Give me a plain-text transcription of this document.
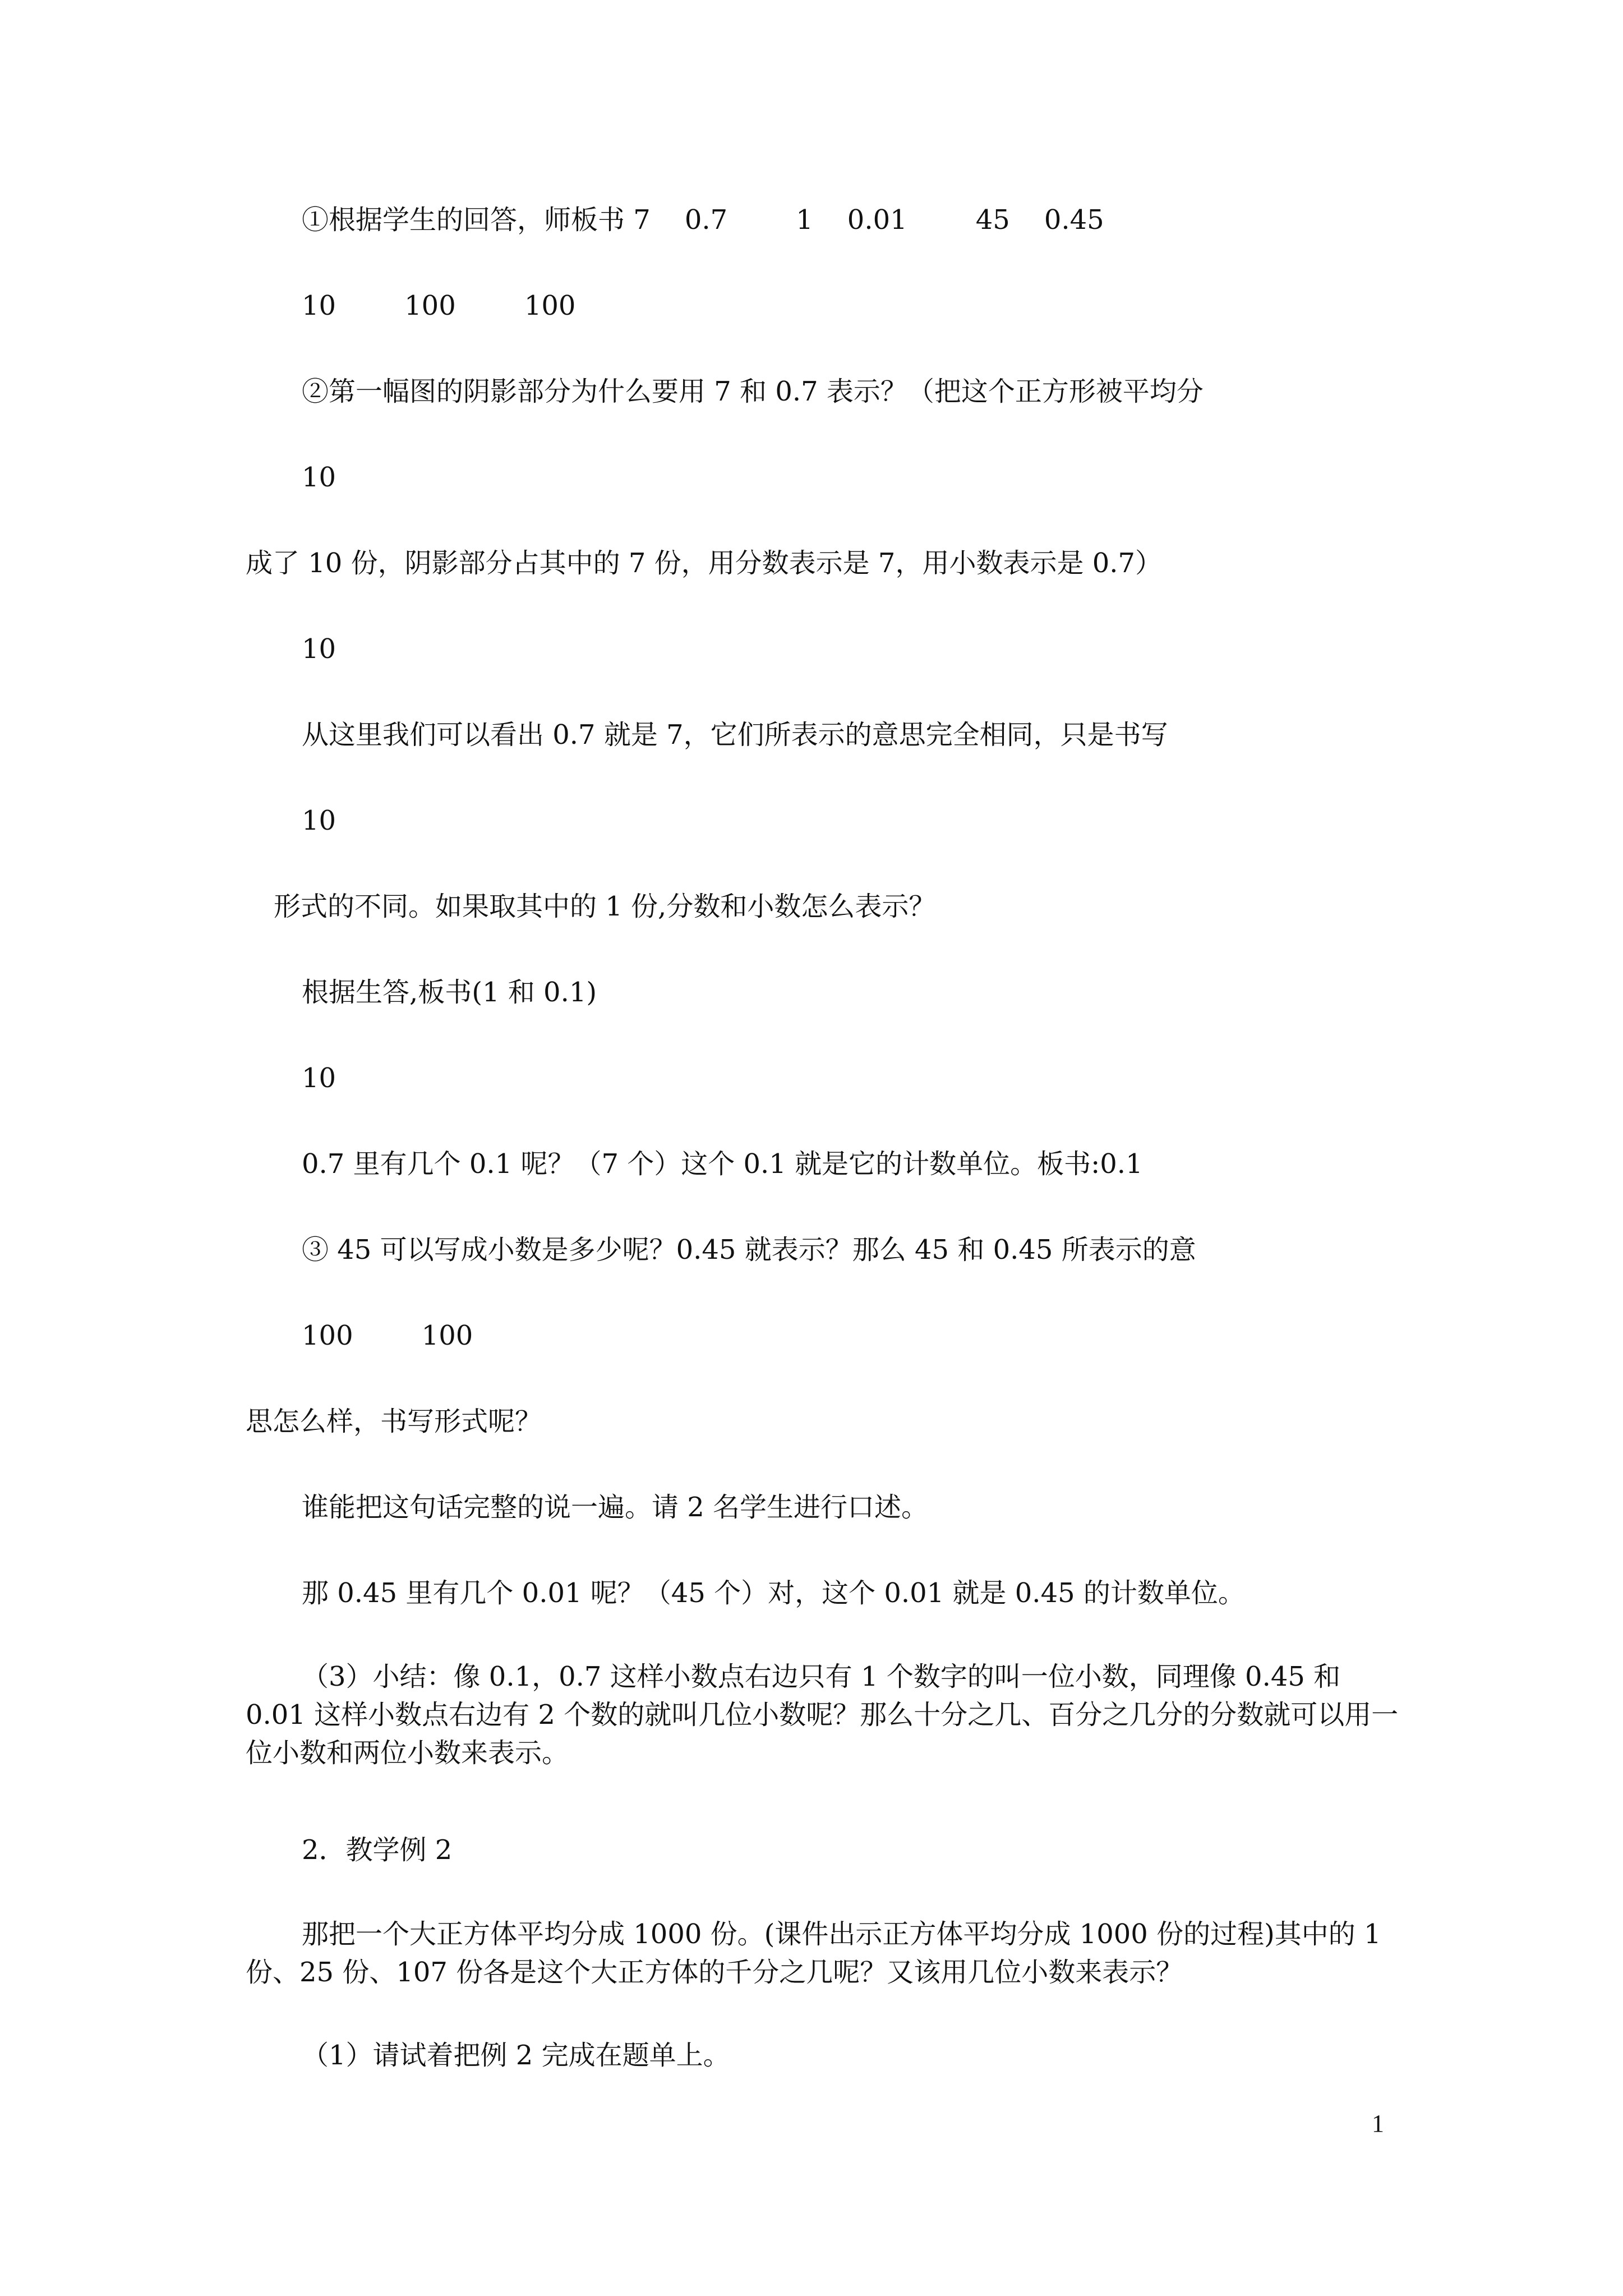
①根据学生的回答，师板书 7    0.7        1    0.01        45    0.45
10        100        100
②第一幅图的阴影部分为什么要用 7 和 0.7 表示？（把这个正方形被平均分
10
成了 10 份，阴影部分占其中的 7 份，用分数表示是 7，用小数表示是 0.7）
10
从这里我们可以看出 0.7 就是 7，它们所表示的意思完全相同，只是书写
10
形式的不同。如果取其中的 1 份,分数和小数怎么表示？
根据生答,板书(1 和 0.1)
10
0.7 里有几个 0.1 呢？（7 个）这个 0.1 就是它的计数单位。板书:0.1
③ 45 可以写成小数是多少呢？0.45 就表示？那么 45 和 0.45 所表示的意
100        100
思怎么样，书写形式呢？
谁能把这句话完整的说一遍。请 2 名学生进行口述。
那 0.45 里有几个 0.01 呢？（45 个）对，这个 0.01 就是 0.45 的计数单位。
（3）小结：像 0.1，0.7 这样小数点右边只有 1 个数字的叫一位小数，同理像 0.45 和 0.01 这样小数点右边有 2 个数的就叫几位小数呢？那么十分之几、百分之几分的分数就可以用一位小数和两位小数来表示。
2．教学例 2
那把一个大正方体平均分成 1000 份。(课件出示正方体平均分成 1000 份的过程)其中的 1 份、25 份、107 份各是这个大正方体的千分之几呢？又该用几位小数来表示？
（1）请试着把例 2 完成在题单上。
1
